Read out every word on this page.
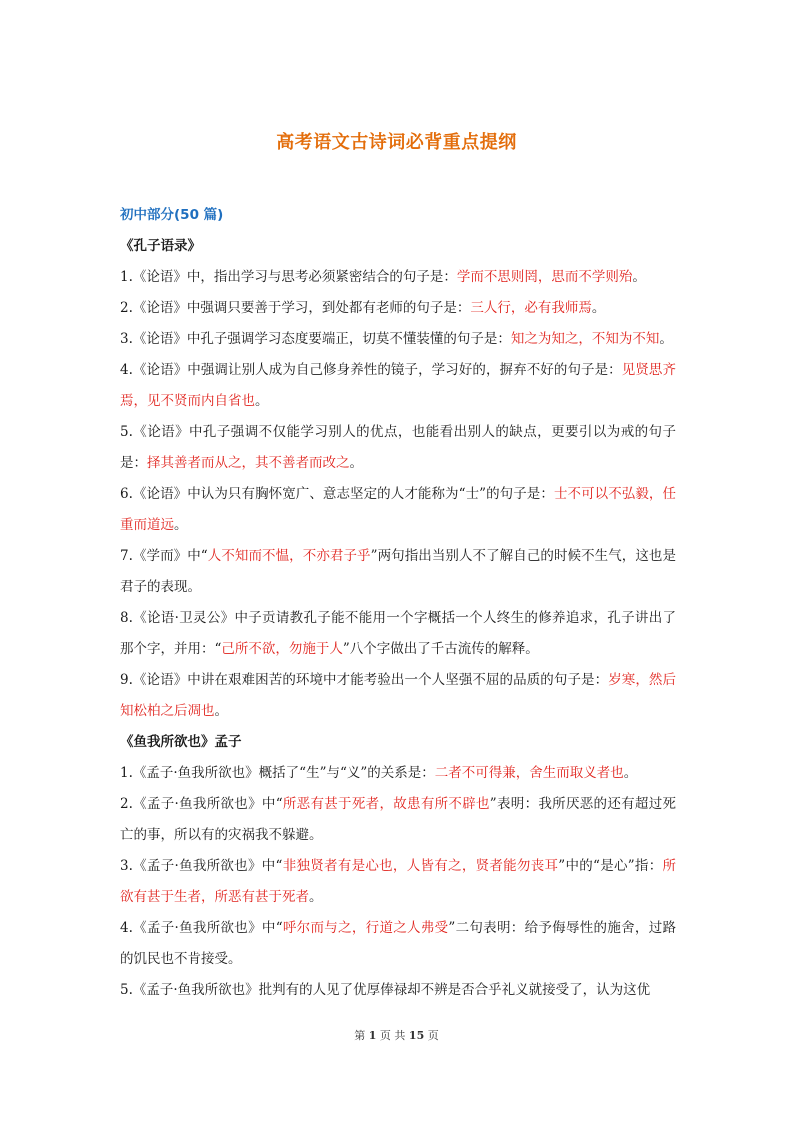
高考语文古诗词必背重点提纲

初中部分(50 篇)

《孔子语录》

1.《论语》中，指出学习与思考必须紧密结合的句子是：学而不思则罔，思而不学则殆。

2.《论语》中强调只要善于学习，到处都有老师的句子是：三人行，必有我师焉。

3.《论语》中孔子强调学习态度要端正，切莫不懂装懂的句子是：知之为知之，不知为不知。

4.《论语》中强调让别人成为自己修身养性的镜子，学习好的，摒弃不好的句子是：见贤思齐焉，见不贤而内自省也。

5.《论语》中孔子强调不仅能学习别人的优点，也能看出别人的缺点，更要引以为戒的句子是：择其善者而从之，其不善者而改之。

6.《论语》中认为只有胸怀宽广、意志坚定的人才能称为“士”的句子是：士不可以不弘毅，任重而道远。

7.《学而》中“人不知而不愠，不亦君子乎”两句指出当别人不了解自己的时候不生气，这也是君子的表现。

8.《论语·卫灵公》中子贡请教孔子能不能用一个字概括一个人终生的修养追求，孔子讲出了那个字，并用：“己所不欲，勿施于人”八个字做出了千古流传的解释。

9.《论语》中讲在艰难困苦的环境中才能考验出一个人坚强不屈的品质的句子是：岁寒，然后知松柏之后凋也。

《鱼我所欲也》孟子

1.《孟子·鱼我所欲也》概括了“生”与“义”的关系是：二者不可得兼，舍生而取义者也。

2.《孟子·鱼我所欲也》中“所恶有甚于死者，故患有所不辟也”表明：我所厌恶的还有超过死亡的事，所以有的灾祸我不躲避。

3.《孟子·鱼我所欲也》中“非独贤者有是心也，人皆有之，贤者能勿丧耳”中的“是心”指：所欲有甚于生者，所恶有甚于死者。

4.《孟子·鱼我所欲也》中“呼尔而与之，行道之人弗受”二句表明：给予侮辱性的施舍，过路的饥民也不肯接受。

5.《孟子·鱼我所欲也》批判有的人见了优厚俸禄却不辨是否合乎礼义就接受了，认为这优

第 1 页 共 15 页
